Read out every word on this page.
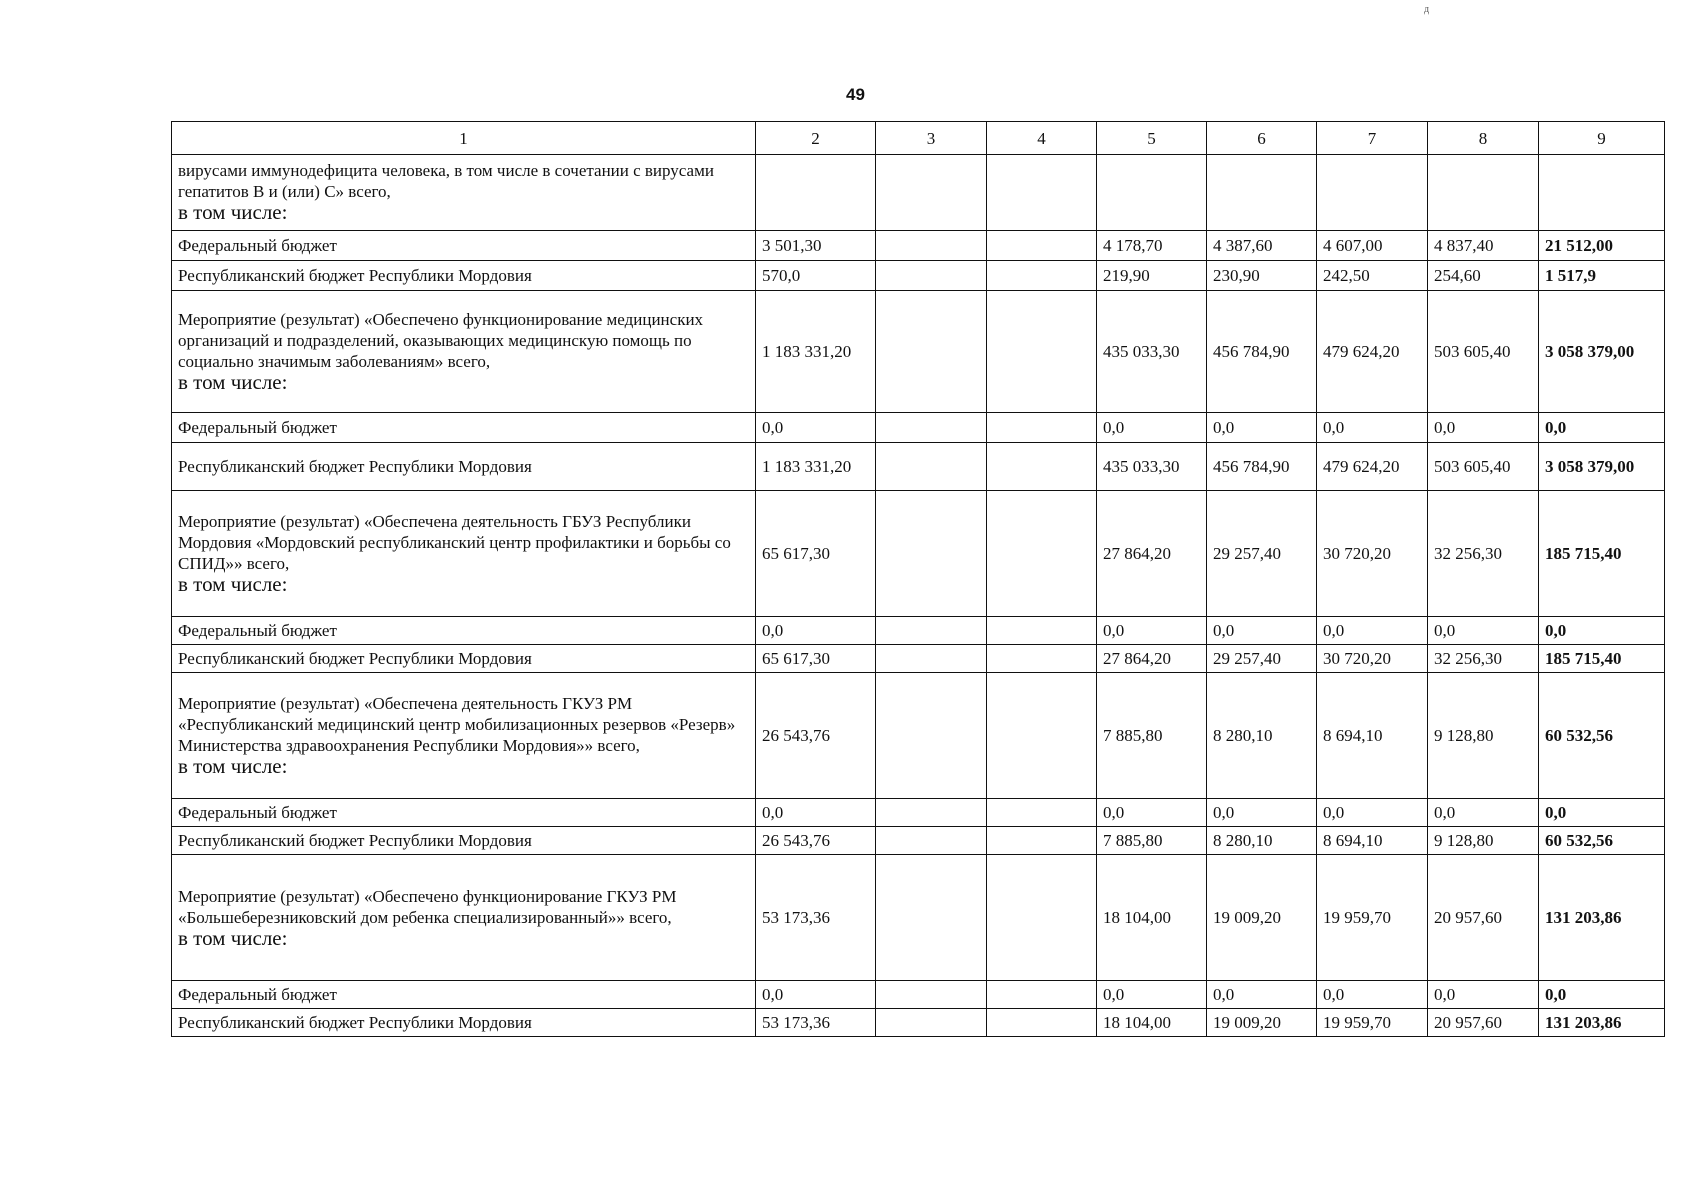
д
49
1	2	3	4	5	6	7	8	9
вирусами иммунодефицита человека, в том числе в сочетании с вирусами гепатитов В и (или) С» всего,
в том числе:								
Федеральный бюджет	3 501,30			4 178,70	4 387,60	4 607,00	4 837,40	21 512,00
Республиканский бюджет Республики Мордовия	570,0			219,90	230,90	242,50	254,60	1 517,9
Мероприятие (результат) «Обеспечено функционирование медицинских организаций и подразделений, оказывающих медицинскую помощь по социально значимым заболеваниям» всего,
в том числе:	1 183 331,20			435 033,30	456 784,90	479 624,20	503 605,40	3 058 379,00
Федеральный бюджет	0,0			0,0	0,0	0,0	0,0	0,0
Республиканский бюджет Республики Мордовия	1 183 331,20			435 033,30	456 784,90	479 624,20	503 605,40	3 058 379,00
Мероприятие (результат) «Обеспечена деятельность ГБУЗ Республики Мордовия «Мордовский республиканский центр профилактики и борьбы со СПИД»» всего,
в том числе:	65 617,30			27 864,20	29 257,40	30 720,20	32 256,30	185 715,40
Федеральный бюджет	0,0			0,0	0,0	0,0	0,0	0,0
Республиканский бюджет Республики Мордовия	65 617,30			27 864,20	29 257,40	30 720,20	32 256,30	185 715,40
Мероприятие (результат) «Обеспечена деятельность ГКУЗ РМ «Республиканский медицинский центр мобилизационных резервов «Резерв» Министерства здравоохранения Республики Мордовия»» всего,
в том числе:	26 543,76			7 885,80	8 280,10	8 694,10	9 128,80	60 532,56
Федеральный бюджет	0,0			0,0	0,0	0,0	0,0	0,0
Республиканский бюджет Республики Мордовия	26 543,76			7 885,80	8 280,10	8 694,10	9 128,80	60 532,56
Мероприятие (результат) «Обеспечено функционирование ГКУЗ РМ «Большеберезниковский дом ребенка специализированный»» всего,
в том числе:	53 173,36			18 104,00	19 009,20	19 959,70	20 957,60	131 203,86
Федеральный бюджет	0,0			0,0	0,0	0,0	0,0	0,0
Республиканский бюджет Республики Мордовия	53 173,36			18 104,00	19 009,20	19 959,70	20 957,60	131 203,86
